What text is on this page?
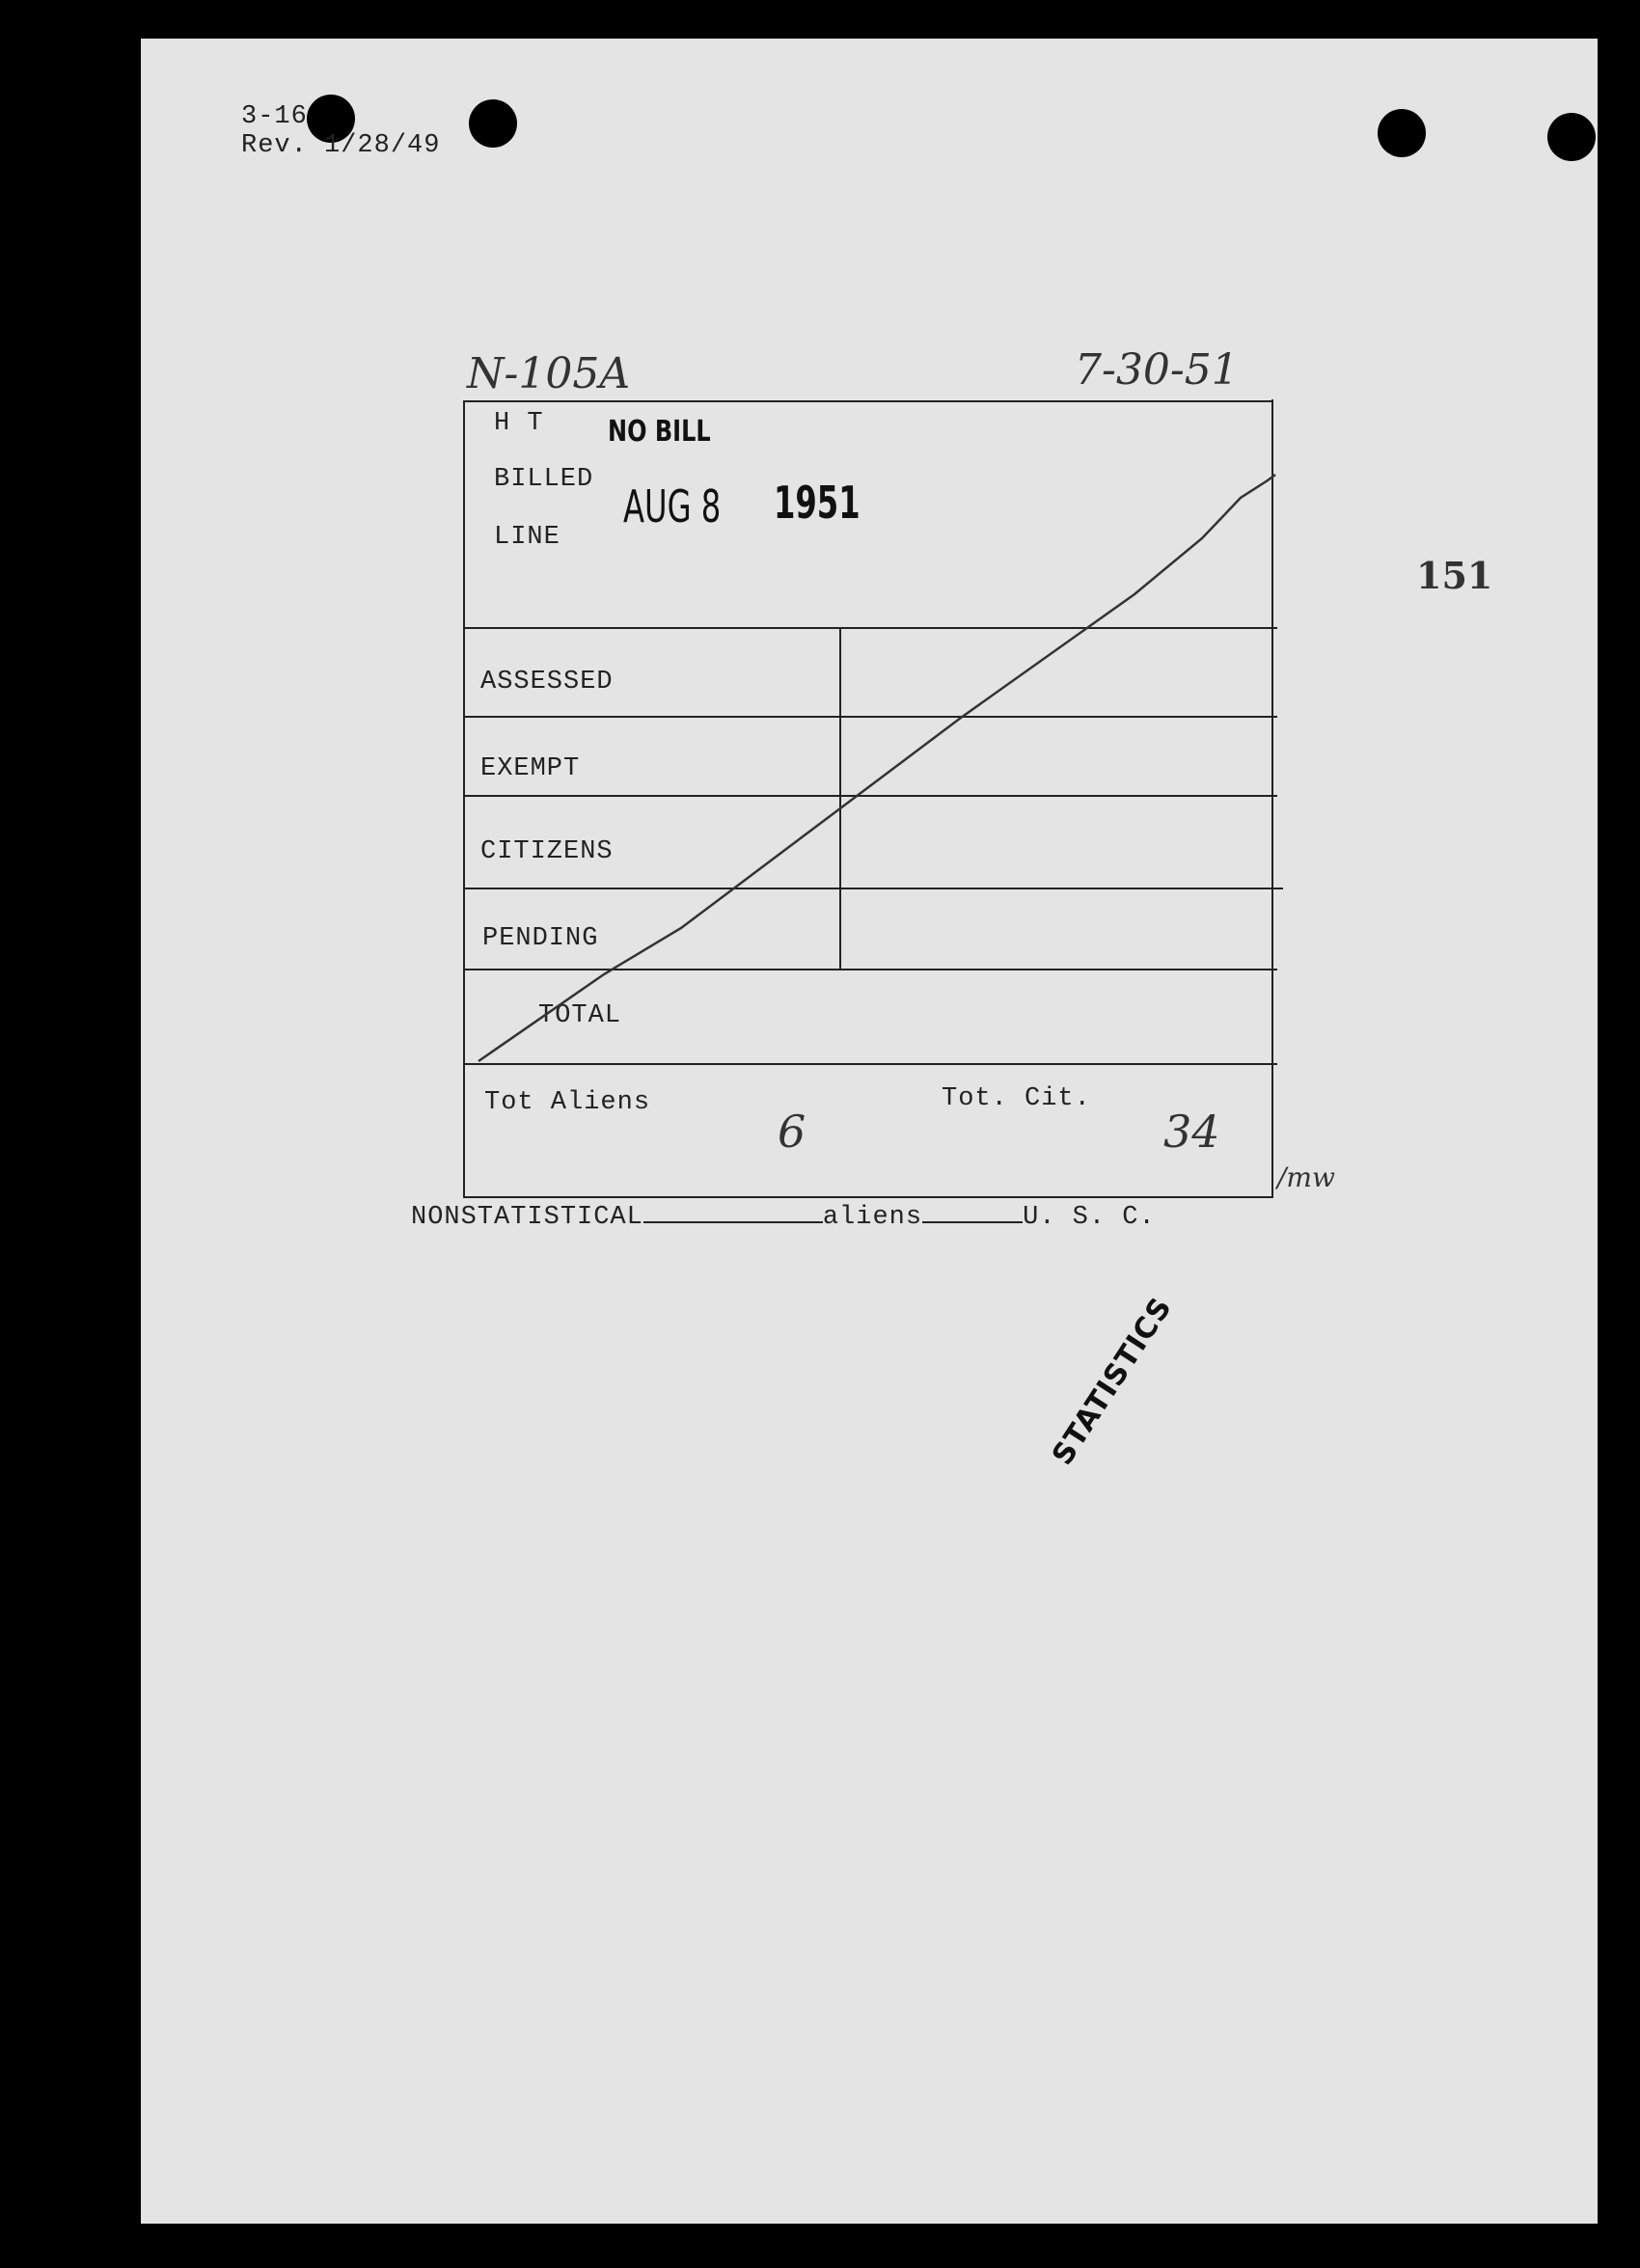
3-16
Rev. 1/28/49
N-105A	7-30-51
151
H T
BILLED
LINE
ASSESSED
EXEMPT
CITIZENS
PENDING
TOTAL
Tot Aliens	Tot. Cit.
6	34
/mw
NO BILL
AUG 8 1951
NONSTATISTICAL	aliens	U. S. C.
STATISTICS
